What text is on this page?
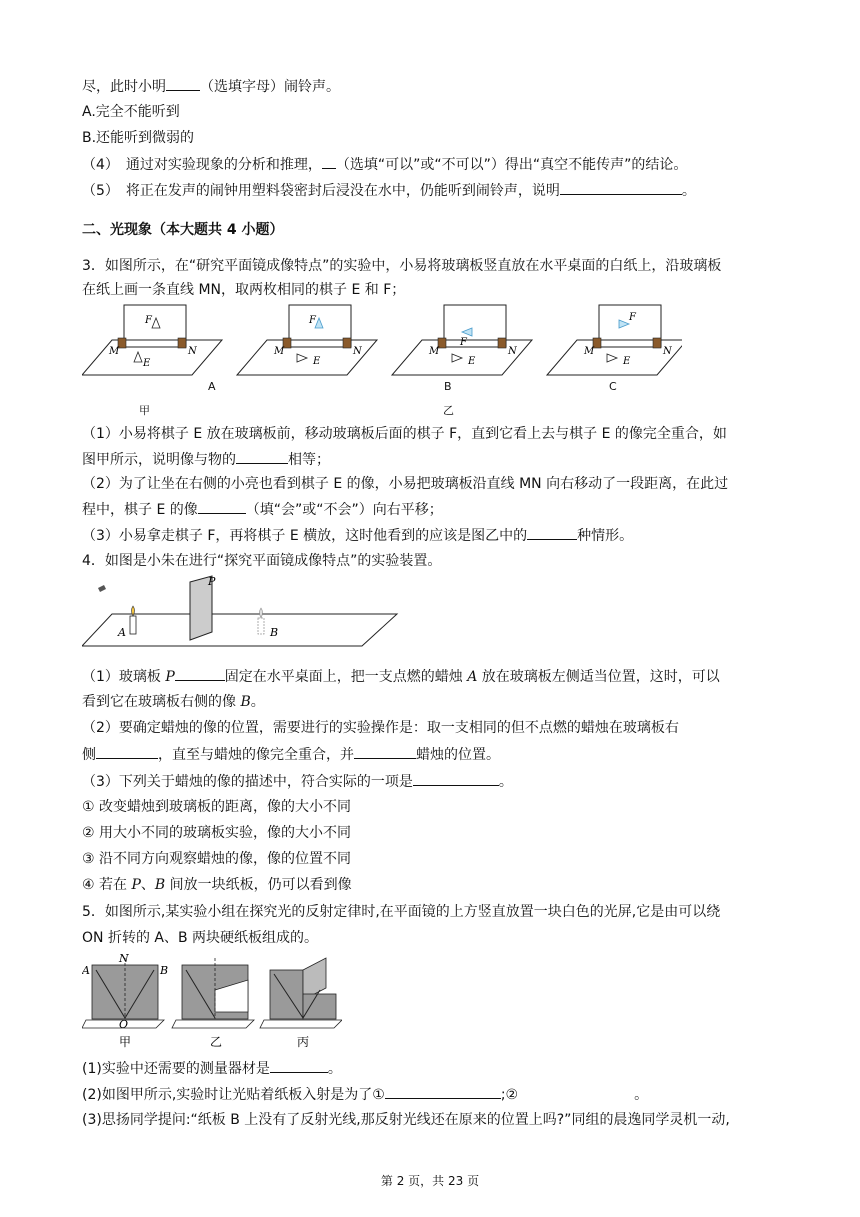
尽，此时小明 （选填字母）闹铃声。
A.完全不能听到
B.还能听到微弱的
（4）　通过对实验现象的分析和推理， （选填“可以”或“不可以”）得出“真空不能传声”的结论。
（5）　将正在发声的闹钟用塑料袋密封后浸没在水中，仍能听到闹铃声，说明	。
二、光现象（本大题共 4 小题）
3．如图所示，在“研究平面镜成像特点”的实验中，小易将玻璃板竖直放在水平桌面的白纸上，沿玻璃板
在纸上画一条直线 MN，取两枚相同的棋子 E 和 F；
F
M	N
E
F
M	N
E
F
M	N
E
F
M	N
E
A	B	C
甲	乙
（1）小易将棋子 E 放在玻璃板前，移动玻璃板后面的棋子 F，直到它看上去与棋子 E 的像完全重合，如
图甲所示，说明像与物的	相等；
（2）为了让坐在右侧的小亮也看到棋子 E 的像，小易把玻璃板沿直线 MN 向右移动了一段距离，在此过
程中，棋子 E 的像	（填“会”或“不会”）向右平移；
（3）小易拿走棋子 F，再将棋子 E 横放，这时他看到的应该是图乙中的	种情形。
4．如图是小朱在进行“探究平面镜成像特点”的实验装置。
P
A	B
（1）玻璃板 P	固定在水平桌面上，把一支点燃的蜡烛 A 放在玻璃板左侧适当位置，这时，可以
看到它在玻璃板右侧的像 B。
（2）要确定蜡烛的像的位置，需要进行的实验操作是：取一支相同的但不点燃的蜡烛在玻璃板右
侧	，直至与蜡烛的像完全重合，并	蜡烛的位置。
（3）下列关于蜡烛的像的描述中，符合实际的一项是	。
① 改变蜡烛到玻璃板的距离，像的大小不同
② 用大小不同的玻璃板实验，像的大小不同
③ 沿不同方向观察蜡烛的像，像的位置不同
④ 若在 P、B 间放一块纸板，仍可以看到像
5．如图所示,某实验小组在探究光的反射定律时,在平面镜的上方竖直放置一块白色的光屏,它是由可以绕
ON 折转的 A、B 两块硬纸板组成的。
A
N
B
O
甲	乙	丙
(1)实验中还需要的测量器材是	。
(2)如图甲所示,实验时让光贴着纸板入射是为了①	;②	。
(3)思扬同学提问:“纸板 B 上没有了反射光线,那反射光线还在原来的位置上吗?”同组的晨逸同学灵机一动,
第 2 页，共 23 页
